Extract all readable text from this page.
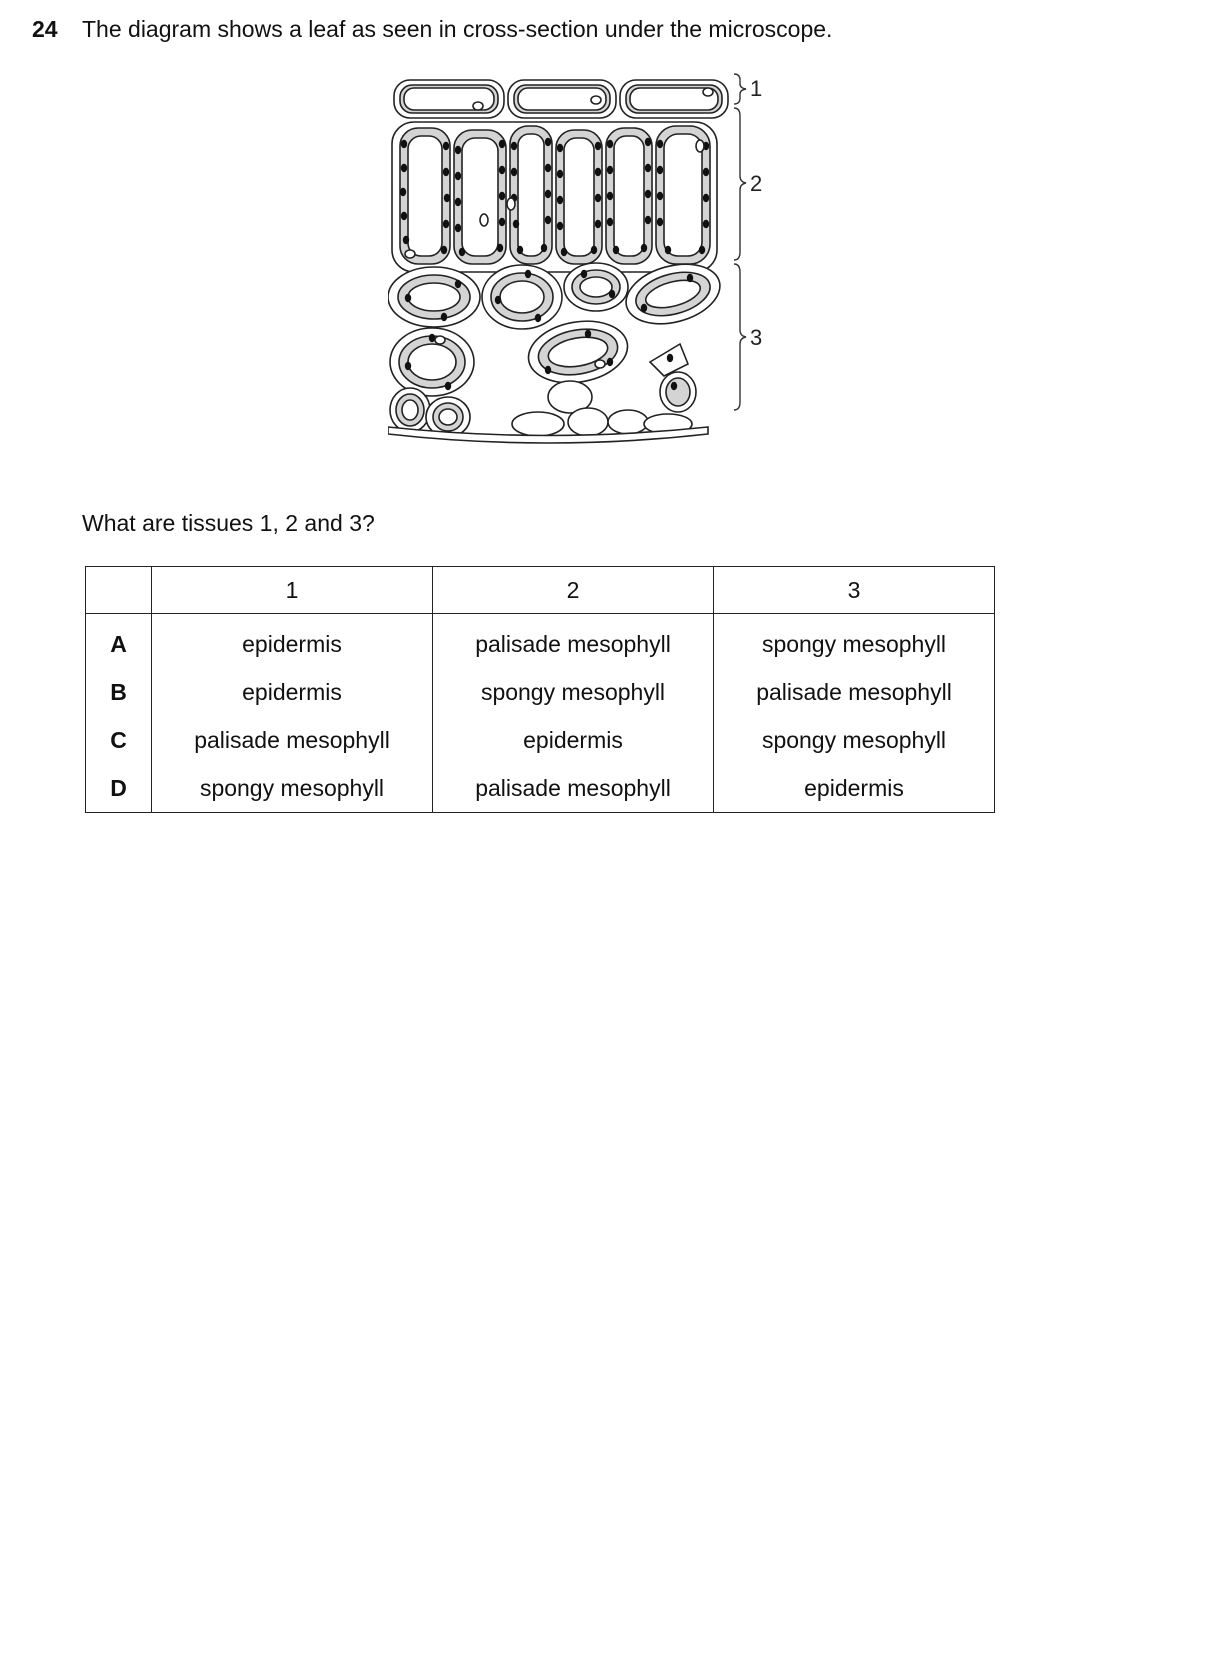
24 The diagram shows a leaf as seen in cross-section under the microscope.
1
2
3
What are tissues 1, 2 and 3?
	1	2	3
A	epidermis	palisade mesophyll	spongy mesophyll
B	epidermis	spongy mesophyll	palisade mesophyll
C	palisade mesophyll	epidermis	spongy mesophyll
D	spongy mesophyll	palisade mesophyll	epidermis
